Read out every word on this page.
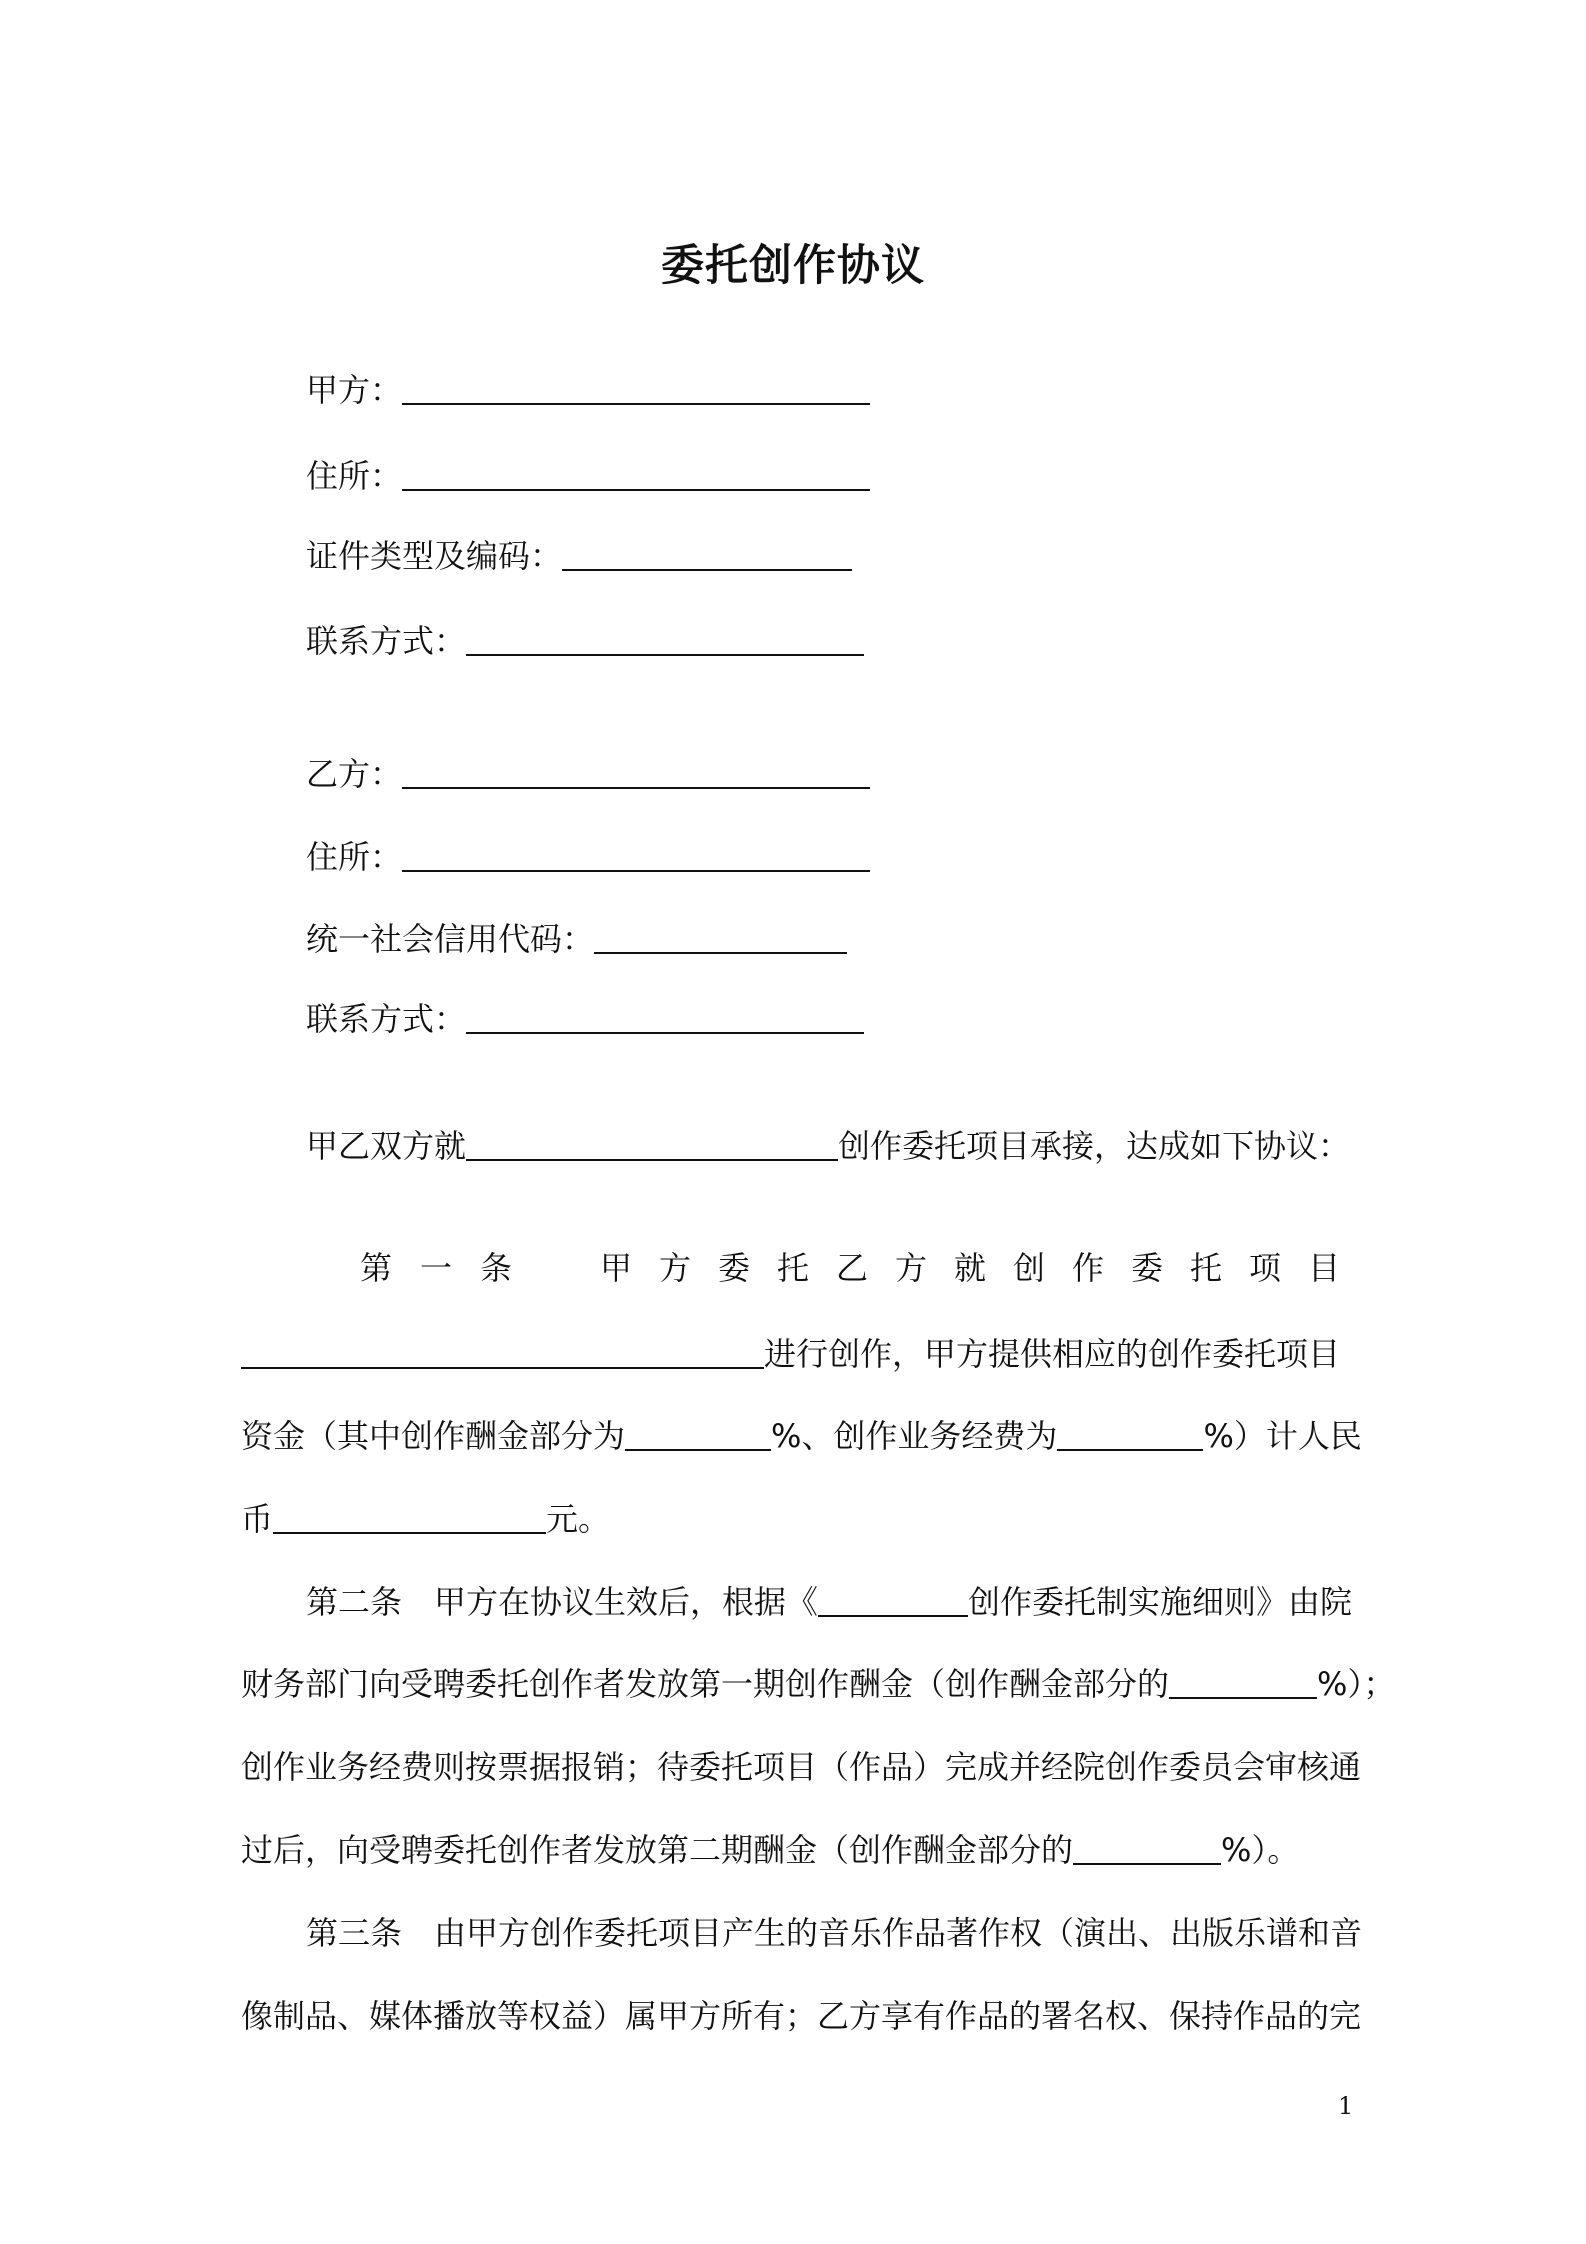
委托创作协议
甲方：
住所：
证件类型及编码：
联系方式：
乙方：
住所：
统一社会信用代码：
联系方式：
甲乙双方就	创作委托项目承接，达成如下协议：
第一条	甲方委托乙方就创作委托项目
进行创作，甲方提供相应的创作委托项目
资金（其中创作酬金部分为	%、创作业务经费为	%）计人民
币	元。
第二条　甲方在协议生效后，根据《	创作委托制实施细则》由院
财务部门向受聘委托创作者发放第一期创作酬金（创作酬金部分的	%）；
创作业务经费则按票据报销；待委托项目（作品）完成并经院创作委员会审核通
过后，向受聘委托创作者发放第二期酬金（创作酬金部分的	%）。
第三条　由甲方创作委托项目产生的音乐作品著作权（演出、出版乐谱和音
像制品、媒体播放等权益）属甲方所有；乙方享有作品的署名权、保持作品的完
1
